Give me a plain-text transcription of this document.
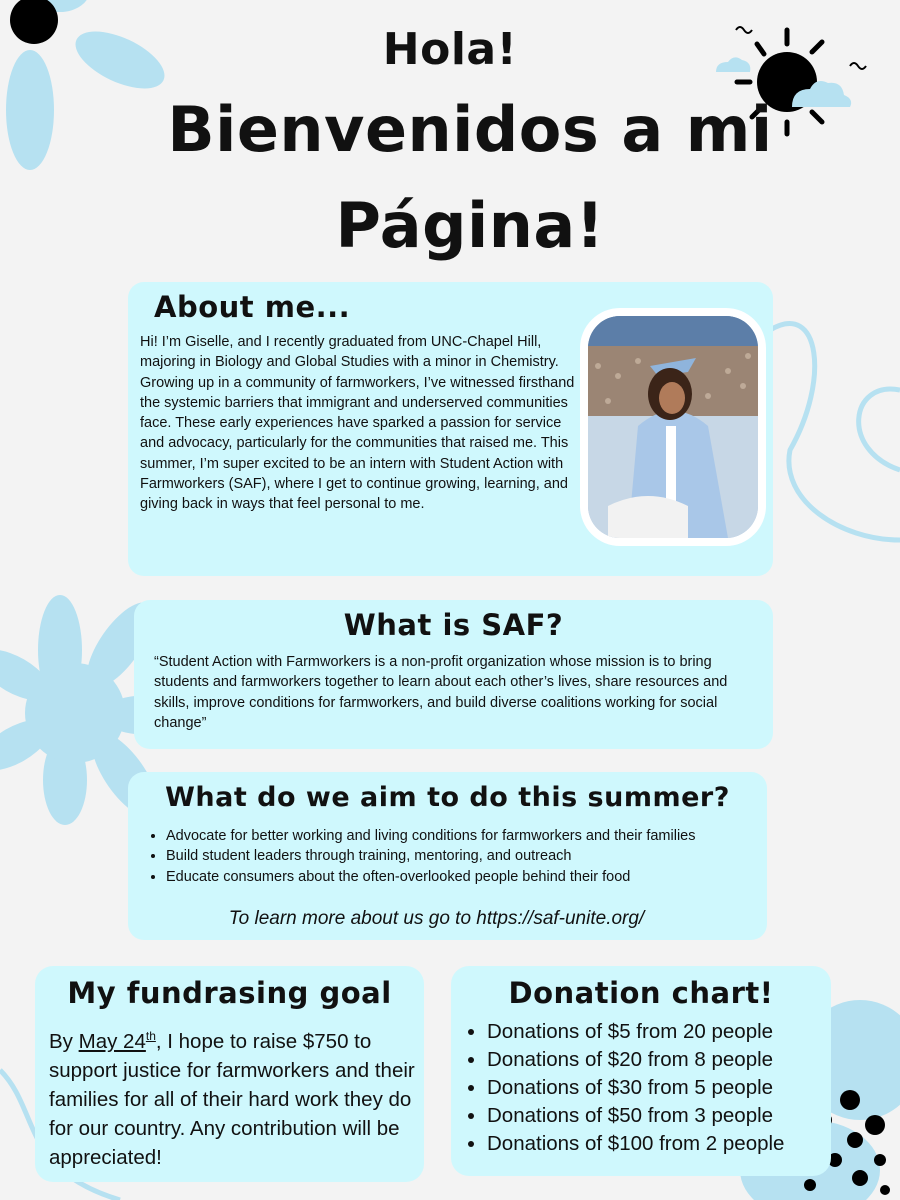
Hola!
Bienvenidos a mi
Página!
About me...
Hi! I’m Giselle, and I recently graduated from UNC-Chapel Hill, majoring in Biology and Global Studies with a minor in Chemistry. Growing up in a community of farmworkers, I’ve witnessed firsthand the systemic barriers that immigrant and underserved communities face. These early experiences have sparked a passion for service and advocacy, particularly for the communities that raised me. This summer, I’m super excited to be an intern with Student Action with Farmworkers (SAF), where I get to continue growing, learning, and giving back in ways that feel personal to me.
What is SAF?
“Student Action with Farmworkers is a non-profit organization whose mission is to bring students and farmworkers together to learn about each other’s lives, share resources and skills, improve conditions for farmworkers, and build diverse coalitions working for social change”
What do we aim to do this summer?
• Advocate for better working and living conditions for farmworkers and their families
• Build student leaders through training, mentoring, and outreach
• Educate consumers about the often-overlooked people behind their food
To learn more about us go to https://saf-unite.org/
My fundrasing goal
By May 24th, I hope to raise $750 to support justice for farmworkers and their families for all of their hard work they do for our country. Any contribution will be appreciated!
Donation chart!
• Donations of $5 from 20 people
• Donations of $20 from 8 people
• Donations of $30 from 5 people
• Donations of $50 from 3 people
• Donations of $100 from 2 people
